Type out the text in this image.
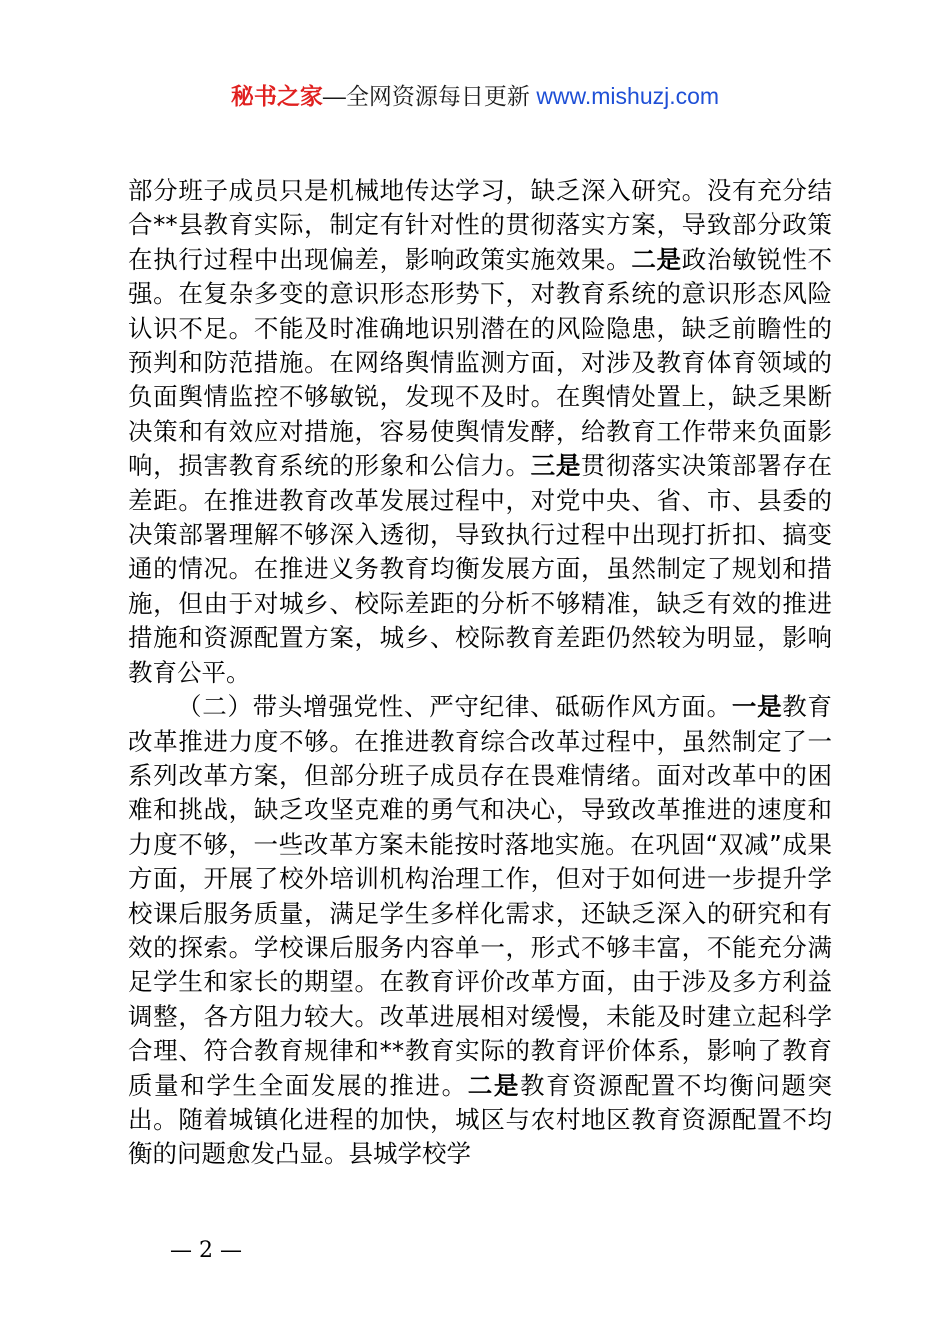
秘书之家—全网资源每日更新 www.mishuzj.com

部分班子成员只是机械地传达学习，缺乏深入研究。没有充分结合**县教育实际，制定有针对性的贯彻落实方案，导致部分政策在执行过程中出现偏差，影响政策实施效果。二是政治敏锐性不强。在复杂多变的意识形态形势下，对教育系统的意识形态风险认识不足。不能及时准确地识别潜在的风险隐患，缺乏前瞻性的预判和防范措施。在网络舆情监测方面，对涉及教育体育领域的负面舆情监控不够敏锐，发现不及时。在舆情处置上，缺乏果断决策和有效应对措施，容易使舆情发酵，给教育工作带来负面影响，损害教育系统的形象和公信力。三是贯彻落实决策部署存在差距。在推进教育改革发展过程中，对党中央、省、市、县委的决策部署理解不够深入透彻，导致执行过程中出现打折扣、搞变通的情况。在推进义务教育均衡发展方面，虽然制定了规划和措施，但由于对城乡、校际差距的分析不够精准，缺乏有效的推进措施和资源配置方案，城乡、校际教育差距仍然较为明显，影响教育公平。

（二）带头增强党性、严守纪律、砥砺作风方面。一是教育改革推进力度不够。在推进教育综合改革过程中，虽然制定了一系列改革方案，但部分班子成员存在畏难情绪。面对改革中的困难和挑战，缺乏攻坚克难的勇气和决心，导致改革推进的速度和力度不够，一些改革方案未能按时落地实施。在巩固“双减”成果方面，开展了校外培训机构治理工作，但对于如何进一步提升学校课后服务质量，满足学生多样化需求，还缺乏深入的研究和有效的探索。学校课后服务内容单一，形式不够丰富，不能充分满足学生和家长的期望。在教育评价改革方面，由于涉及多方利益调整，各方阻力较大。改革进展相对缓慢，未能及时建立起科学合理、符合教育规律和**教育实际的教育评价体系，影响了教育质量和学生全面发展的推进。二是教育资源配置不均衡问题突出。随着城镇化进程的加快，城区与农村地区教育资源配置不均衡的问题愈发凸显。县城学校学

— 2 —
